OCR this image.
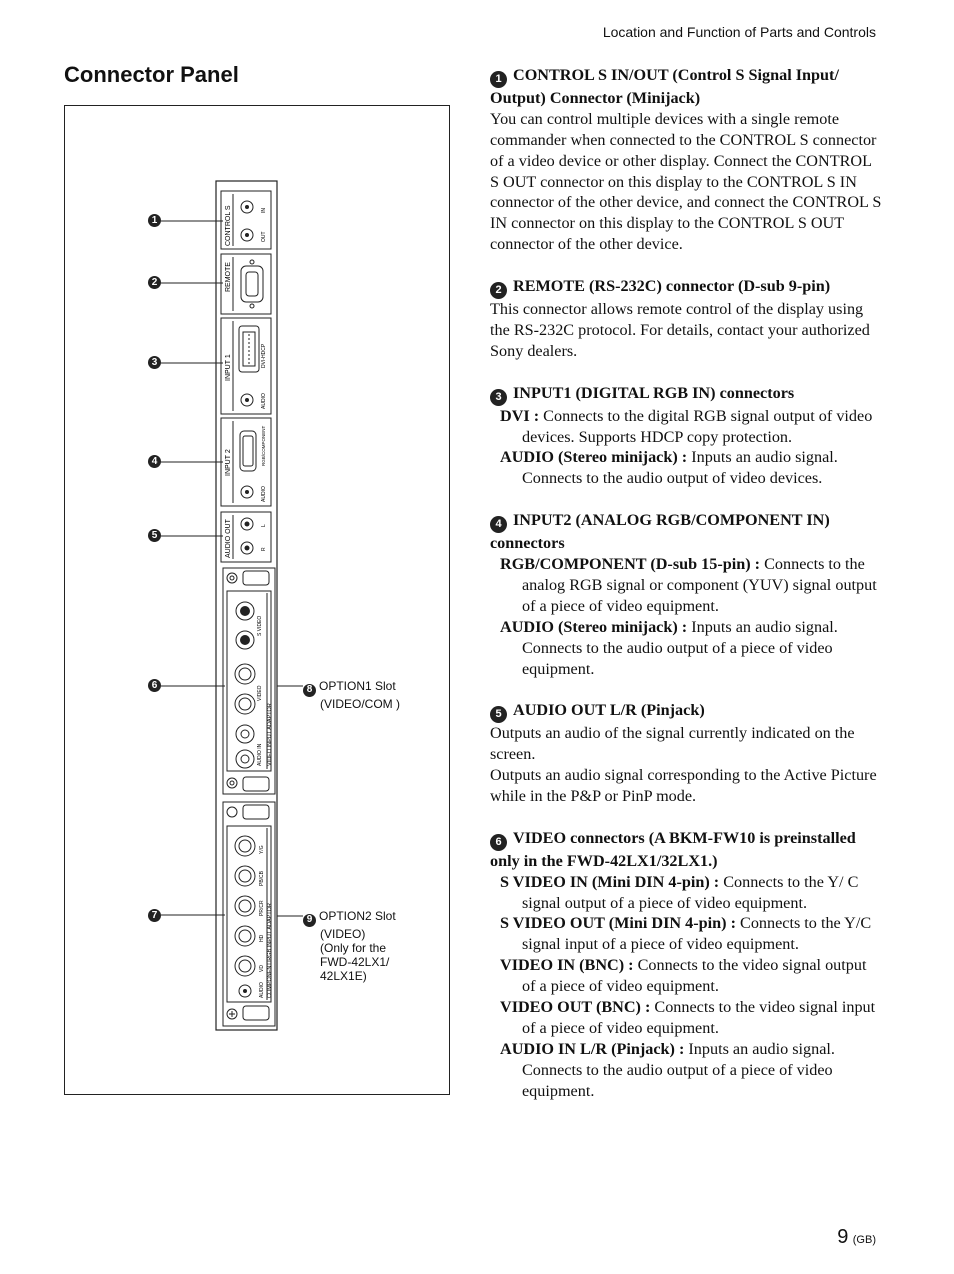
Location and Function of Parts and Controls
Connector Panel
CONTROL S	IN
OUT
REMOTE
INPUT 1	DVI-HDCP
AUDIO
INPUT 2	RGB/COMPONENT
AUDIO
AUDIO OUT	L
R
VIDEO INPUT ADAPTOR
S VIDEO
VIDEO
AUDIO IN
COMPONENT/RGB INPUT ADAPTOR
Y/G
PB/CB
PR/CR
HD
VD
AUDIO
1
2
3
4
5
6
7
8 OPTION1 Slot
(VIDEO/COM )
9 OPTION2 Slot
(VIDEO)
(Only for the
FWD-42LX1/
42LX1E)
1 CONTROL S IN/OUT (Control S Signal Input/ Output) Connector (Minijack)
You can control multiple devices with a single remote commander when connected to the CONTROL S connector of a video device or other display. Connect the CONTROL S OUT connector on this display to the CONTROL S IN connector of the other device, and connect the CONTROL S IN connector on this display to the CONTROL S OUT connector of the other device.
2 REMOTE (RS-232C) connector (D-sub 9-pin)
This connector allows remote control of the display using the RS-232C protocol. For details, contact your authorized Sony dealers.
3 INPUT1 (DIGITAL RGB IN) connectors
DVI : Connects to the digital RGB signal output of video devices. Supports HDCP copy protection.
AUDIO (Stereo minijack) : Inputs an audio signal. Connects to the audio output of video devices.
4 INPUT2 (ANALOG RGB/COMPONENT IN) connectors
RGB/COMPONENT (D-sub 15-pin) : Connects to the analog RGB signal or component (YUV) signal output of a piece of video equipment.
AUDIO (Stereo minijack) : Inputs an audio signal. Connects to the audio output of a piece of video equipment.
5 AUDIO OUT L/R (Pinjack)
Outputs an audio of the signal currently indicated on the screen.
Outputs an audio signal corresponding to the Active Picture while in the P&P or PinP mode.
6 VIDEO connectors (A BKM-FW10 is preinstalled only in the FWD-42LX1/32LX1.)
S VIDEO IN (Mini DIN 4-pin) : Connects to the Y/ C signal output of a piece of video equipment.
S VIDEO OUT (Mini DIN 4-pin) : Connects to the Y/C signal input of a piece of video equipment.
VIDEO IN (BNC) : Connects to the video signal output of a piece of video equipment.
VIDEO OUT (BNC) : Connects to the video signal input of a piece of video equipment.
AUDIO IN L/R (Pinjack) : Inputs an audio signal. Connects to the audio output of a piece of video equipment.
9 (GB)
